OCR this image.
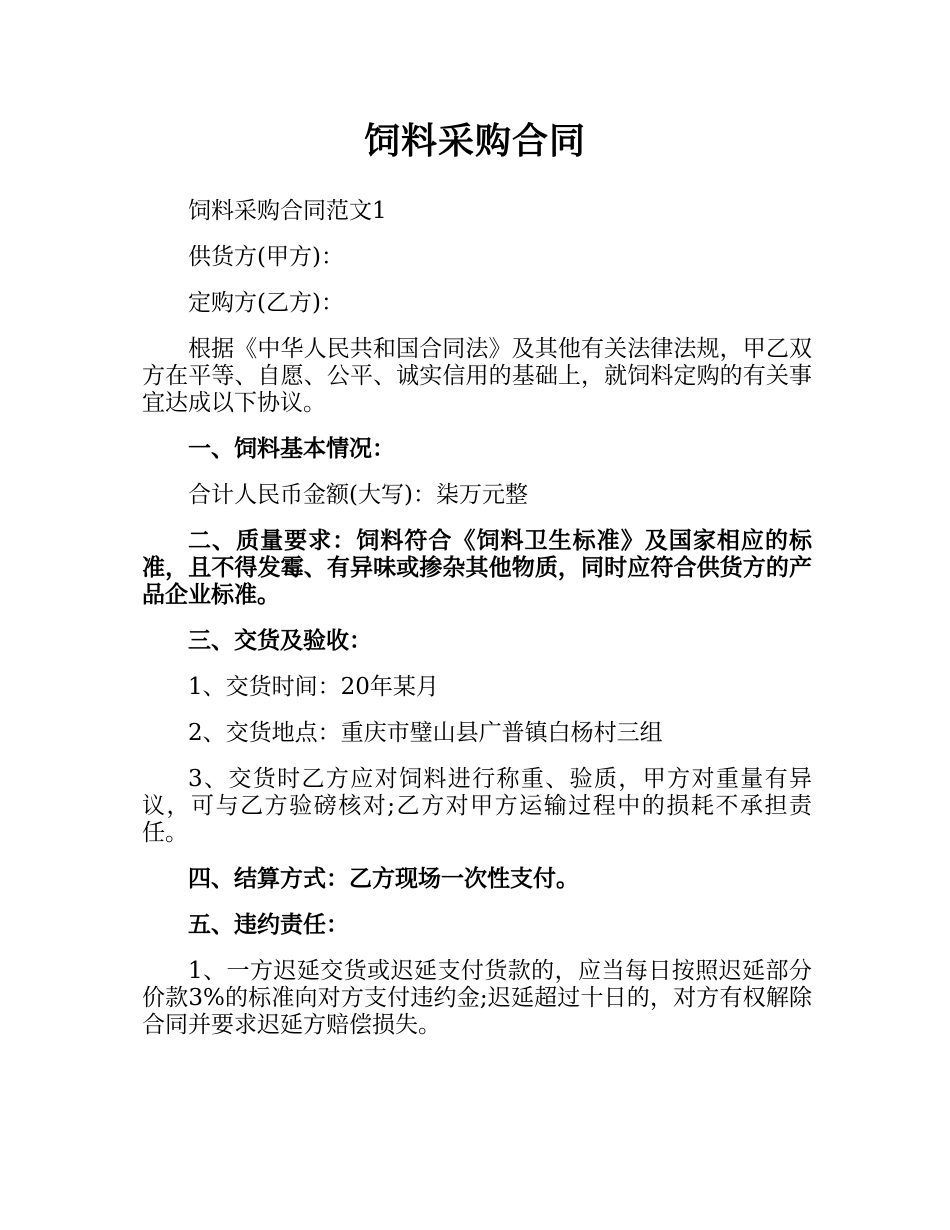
饲料采购合同

饲料采购合同范文1

供货方(甲方)：

定购方(乙方)：

根据《中华人民共和国合同法》及其他有关法律法规，甲乙双方在平等、自愿、公平、诚实信用的基础上，就饲料定购的有关事宜达成以下协议。

一、饲料基本情况：

合计人民币金额(大写)：柒万元整

二、质量要求：饲料符合《饲料卫生标准》及国家相应的标准，且不得发霉、有异味或掺杂其他物质，同时应符合供货方的产品企业标准。

三、交货及验收：

1、交货时间：20年某月

2、交货地点：重庆市璧山县广普镇白杨村三组

3、交货时乙方应对饲料进行称重、验质，甲方对重量有异议，可与乙方验磅核对;乙方对甲方运输过程中的损耗不承担责任。

四、结算方式：乙方现场一次性支付。

五、违约责任：

1、一方迟延交货或迟延支付货款的，应当每日按照迟延部分价款3%的标准向对方支付违约金;迟延超过十日的，对方有权解除合同并要求迟延方赔偿损失。
